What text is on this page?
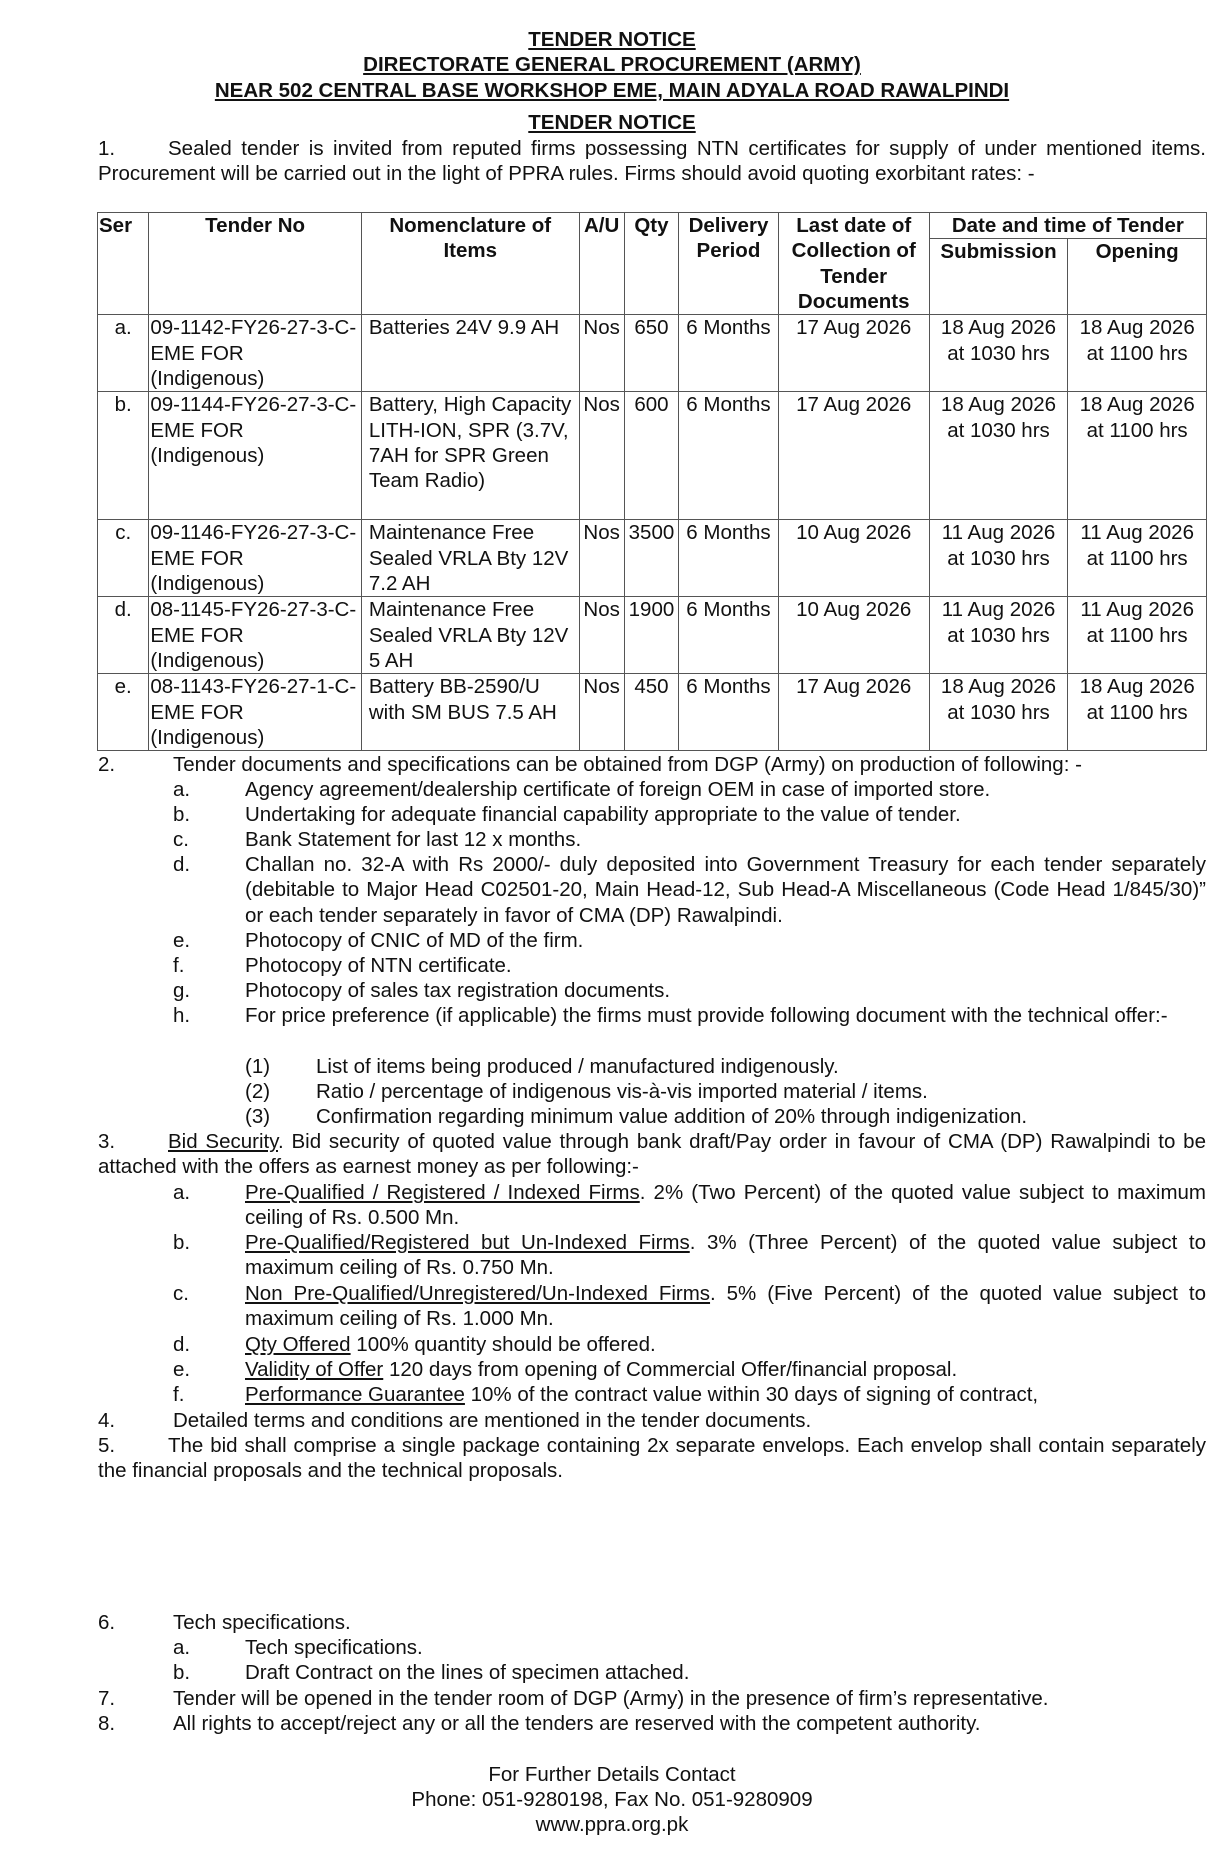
TENDER NOTICE
DIRECTORATE GENERAL PROCUREMENT (ARMY)
NEAR 502 CENTRAL BASE WORKSHOP EME, MAIN ADYALA ROAD RAWALPINDI
TENDER NOTICE
1.	Sealed tender is invited from reputed firms possessing NTN certificates for supply of under mentioned items. Procurement will be carried out in the light of PPRA rules. Firms should avoid quoting exorbitant rates: -
Ser	Tender No	Nomenclature of Items	A/U	Qty	Delivery Period	Last date of Collection of Tender Documents	Date and time of Tender	
							Submission	Opening
a.	09-1142-FY26-27-3-C-EME FOR (Indigenous)	Batteries 24V 9.9 AH	Nos	650	6 Months	17 Aug 2026	18 Aug 2026 at 1030 hrs	18 Aug 2026 at 1100 hrs
b.	09-1144-FY26-27-3-C-EME FOR (Indigenous)	Battery, High Capacity LITH-ION, SPR (3.7V, 7AH for SPR Green Team Radio)	Nos	600	6 Months	17 Aug 2026	18 Aug 2026 at 1030 hrs	18 Aug 2026 at 1100 hrs
c.	09-1146-FY26-27-3-C-EME FOR (Indigenous)	Maintenance Free Sealed VRLA Bty 12V 7.2 AH	Nos	3500	6 Months	10 Aug 2026	11 Aug 2026 at 1030 hrs	11 Aug 2026 at 1100 hrs
d.	08-1145-FY26-27-3-C-EME FOR (Indigenous)	Maintenance Free Sealed VRLA Bty 12V 5 AH	Nos	1900	6 Months	10 Aug 2026	11 Aug 2026 at 1030 hrs	11 Aug 2026 at 1100 hrs
e.	08-1143-FY26-27-1-C-EME FOR (Indigenous)	Battery BB-2590/U with SM BUS 7.5 AH	Nos	450	6 Months	17 Aug 2026	18 Aug 2026 at 1030 hrs	18 Aug 2026 at 1100 hrs
2.	Tender documents and specifications can be obtained from DGP (Army) on production of following: -
a.	Agency agreement/dealership certificate of foreign OEM in case of imported store.
b.	Undertaking for adequate financial capability appropriate to the value of tender.
c.	Bank Statement for last 12 x months.
d.	Challan no. 32-A with Rs 2000/- duly deposited into Government Treasury for each tender separately (debitable to Major Head C02501-20, Main Head-12, Sub Head-A Miscellaneous (Code Head 1/845/30)” or each tender separately in favor of CMA (DP) Rawalpindi.
e.	Photocopy of CNIC of MD of the firm.
f.	Photocopy of NTN certificate.
g.	Photocopy of sales tax registration documents.
h.	For price preference (if applicable) the firms must provide following document with the technical offer:-
(1) List of items being produced / manufactured indigenously.
(2) Ratio / percentage of indigenous vis-à-vis imported material / items.
(3) Confirmation regarding minimum value addition of 20% through indigenization.
3.	Bid Security. Bid security of quoted value through bank draft/Pay order in favour of CMA (DP) Rawalpindi to be attached with the offers as earnest money as per following:-
a.	Pre-Qualified / Registered / Indexed Firms. 2% (Two Percent) of the quoted value subject to maximum ceiling of Rs. 0.500 Mn.
b.	Pre-Qualified/Registered but Un-Indexed Firms. 3% (Three Percent) of the quoted value subject to maximum ceiling of Rs. 0.750 Mn.
c.	Non Pre-Qualified/Unregistered/Un-Indexed Firms. 5% (Five Percent) of the quoted value subject to maximum ceiling of Rs. 1.000 Mn.
d.	Qty Offered 100% quantity should be offered.
e.	Validity of Offer 120 days from opening of Commercial Offer/financial proposal.
f.	Performance Guarantee 10% of the contract value within 30 days of signing of contract,
4.	Detailed terms and conditions are mentioned in the tender documents.
5.	The bid shall comprise a single package containing 2x separate envelops. Each envelop shall contain separately the financial proposals and the technical proposals.
6.	Tech specifications.
a.	Tech specifications.
b.	Draft Contract on the lines of specimen attached.
7.	Tender will be opened in the tender room of DGP (Army) in the presence of firm’s representative.
8.	All rights to accept/reject any or all the tenders are reserved with the competent authority.
For Further Details Contact
Phone: 051-9280198, Fax No. 051-9280909
www.ppra.org.pk
